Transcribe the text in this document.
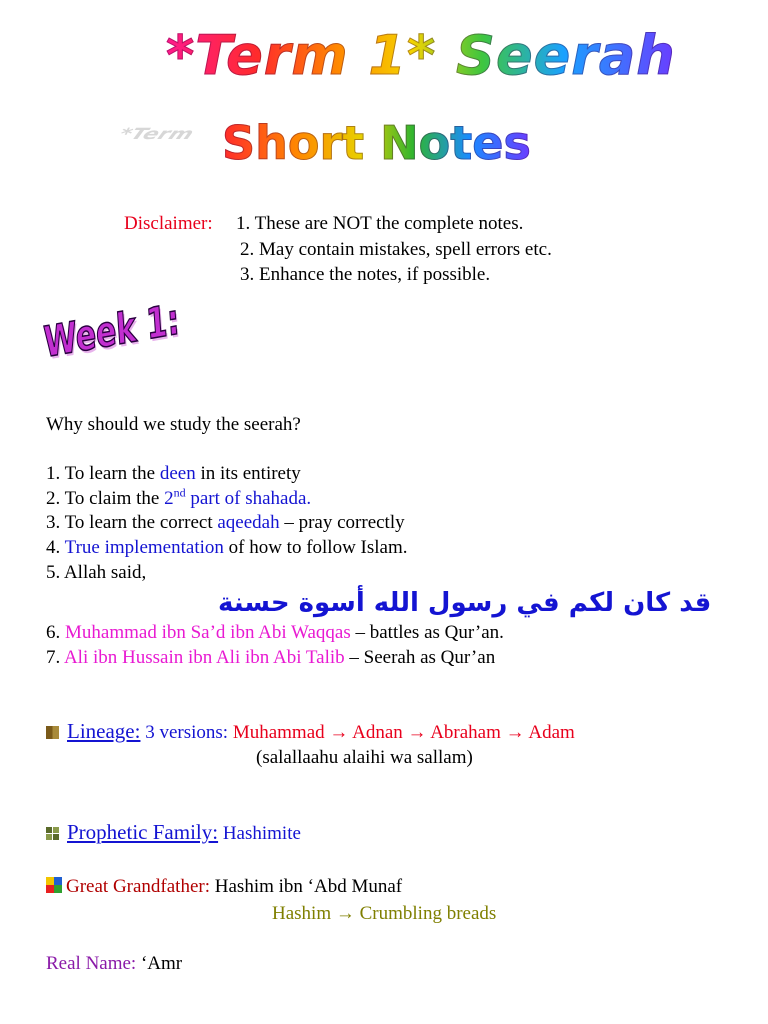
*Term
*Term 1* Seerah
Short Notes
Disclaimer: 1. These are NOT the complete notes.
2. May contain mistakes, spell errors etc.
3. Enhance the notes, if possible.
Week 1:
Why should we study the seerah?
1. To learn the deen in its entirety
2. To claim the 2nd part of shahada.
3. To learn the correct aqeedah – pray correctly
4. True implementation of how to follow Islam.
5. Allah said,
قد كان لكم في رسول الله أسوة حسنة
6. Muhammad ibn Sa’d ibn Abi Waqqas – battles as Qur’an.
7. Ali ibn Hussain ibn Ali ibn Abi Talib – Seerah as Qur’an
Lineage: 3 versions: Muhammad → Adnan → Abraham → Adam
(salallaahu alaihi wa sallam)
Prophetic Family: Hashimite
Great Grandfather: Hashim ibn ‘Abd Munaf
Hashim → Crumbling breads
Real Name: ‘Amr
